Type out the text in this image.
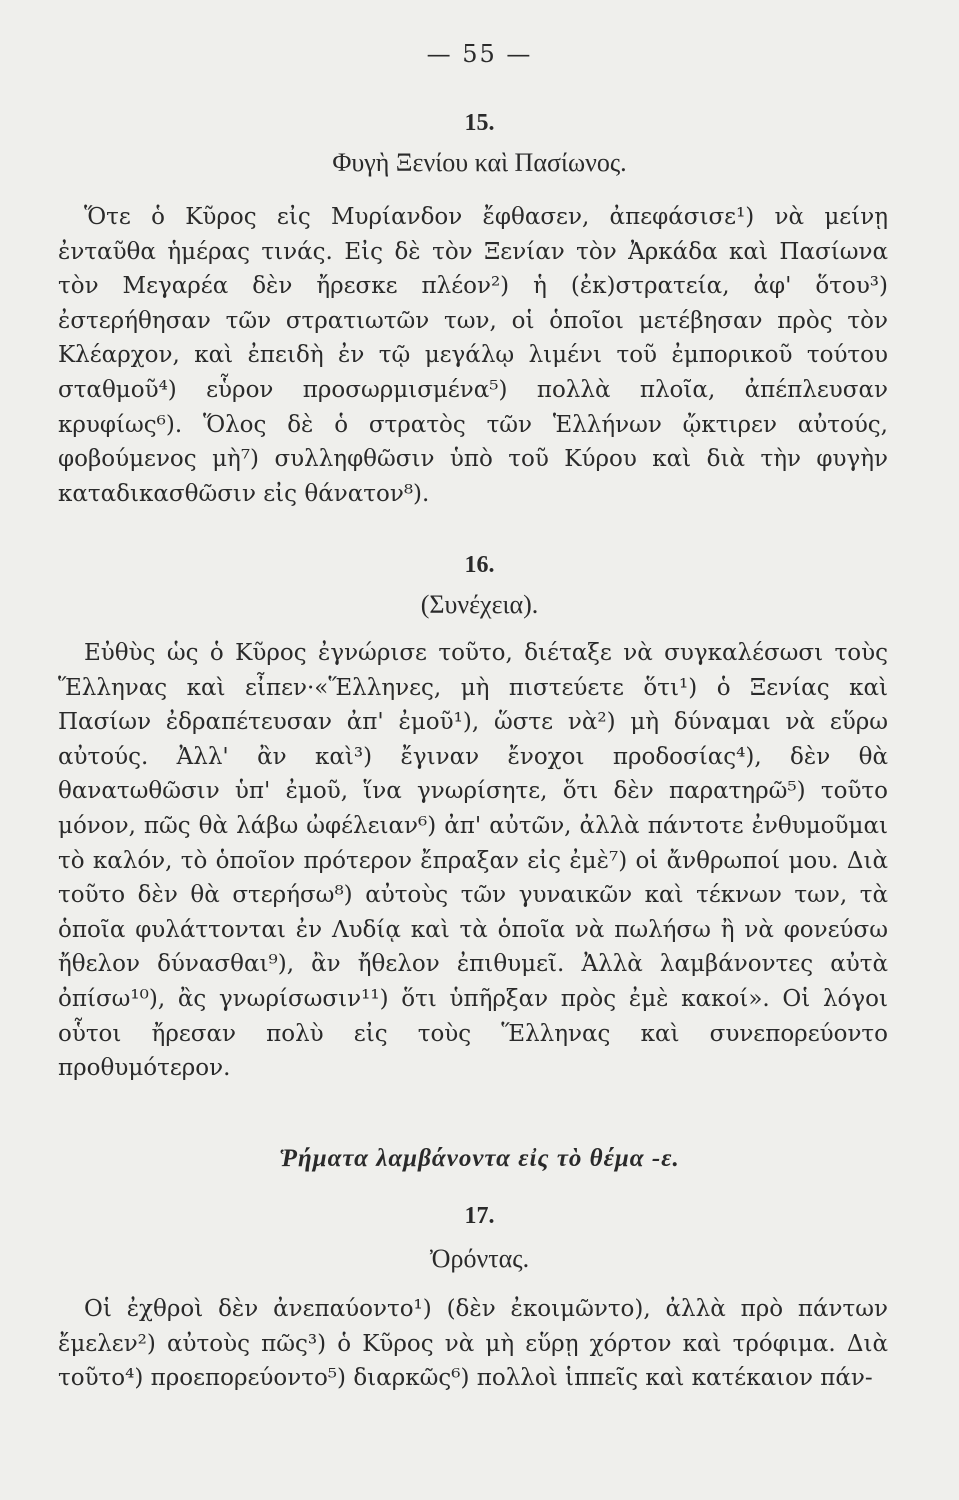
— 55 —
15.
Φυγὴ Ξενίου καὶ Πασίωνος.
Ὅτε ὁ Κῦρος εἰς Μυρίανδον ἔφθασεν, ἀπεφάσισε¹) νὰ μείνῃ ἐνταῦθα ἡμέρας τινάς. Εἰς δὲ τὸν Ξενίαν τὸν Ἀρκάδα καὶ Πασίωνα τὸν Μεγαρέα δὲν ἤρεσκε πλέον²) ἡ (ἐκ)στρατεία, ἀφ' ὅτου³) ἐστερήθησαν τῶν στρατιωτῶν των, οἱ ὁποῖοι μετέβησαν πρὸς τὸν Κλέαρχον, καὶ ἐπειδὴ ἐν τῷ μεγάλῳ λιμένι τοῦ ἐμπορικοῦ τούτου σταθμοῦ⁴) εὗρον προσωρμισμένα⁵) πολλὰ πλοῖα, ἀπέπλευσαν κρυφίως⁶). Ὅλος δὲ ὁ στρατὸς τῶν Ἑλλήνων ᾤκτιρεν αὐτούς, φοβούμενος μὴ⁷) συλληφθῶσιν ὑπὸ τοῦ Κύρου καὶ διὰ τὴν φυγὴν καταδικασθῶσιν εἰς θάνατον⁸).
16.
(Συνέχεια).
Εὐθὺς ὡς ὁ Κῦρος ἐγνώρισε τοῦτο, διέταξε νὰ συγκαλέσωσι τοὺς Ἕλληνας καὶ εἶπεν·«Ἕλληνες, μὴ πιστεύετε ὅτι¹) ὁ Ξενίας καὶ Πασίων ἐδραπέτευσαν ἀπ' ἐμοῦ¹), ὥστε νὰ²) μὴ δύναμαι νὰ εὕρω αὐτούς. Ἀλλ' ἂν καὶ³) ἔγιναν ἔνοχοι προδοσίας⁴), δὲν θὰ θανατωθῶσιν ὑπ' ἐμοῦ, ἵνα γνωρίσητε, ὅτι δὲν παρατηρῶ⁵) τοῦτο μόνον, πῶς θὰ λάβω ὠφέλειαν⁶) ἀπ' αὐτῶν, ἀλλὰ πάντοτε ἐνθυμοῦμαι τὸ καλόν, τὸ ὁποῖον πρότερον ἔπραξαν εἰς ἐμὲ⁷) οἱ ἄνθρωποί μου. Διὰ τοῦτο δὲν θὰ στερήσω⁸) αὐτοὺς τῶν γυναικῶν καὶ τέκνων των, τὰ ὁποῖα φυλάττονται ἐν Λυδίᾳ καὶ τὰ ὁποῖα νὰ πωλήσω ἢ νὰ φονεύσω ἤθελον δύνασθαι⁹), ἂν ἤθελον ἐπιθυμεῖ. Ἀλλὰ λαμβάνοντες αὐτὰ ὀπίσω¹⁰), ἂς γνωρίσωσιν¹¹) ὅτι ὑπῆρξαν πρὸς ἐμὲ κακοί». Οἱ λόγοι οὗτοι ἤρεσαν πολὺ εἰς τοὺς Ἕλληνας καὶ συνεπορεύοντο προθυμότερον.
Ῥήματα λαμβάνοντα εἰς τὸ θέμα -ε.
17.
Ὀρόντας.
Οἱ ἐχθροὶ δὲν ἀνεπαύοντο¹) (δὲν ἐκοιμῶντο), ἀλλὰ πρὸ πάντων ἔμελεν²) αὐτοὺς πῶς³) ὁ Κῦρος νὰ μὴ εὕρῃ χόρτον καὶ τρόφιμα. Διὰ τοῦτο⁴) προεπορεύοντο⁵) διαρκῶς⁶) πολλοὶ ἱππεῖς καὶ κατέκαιον πάν-
